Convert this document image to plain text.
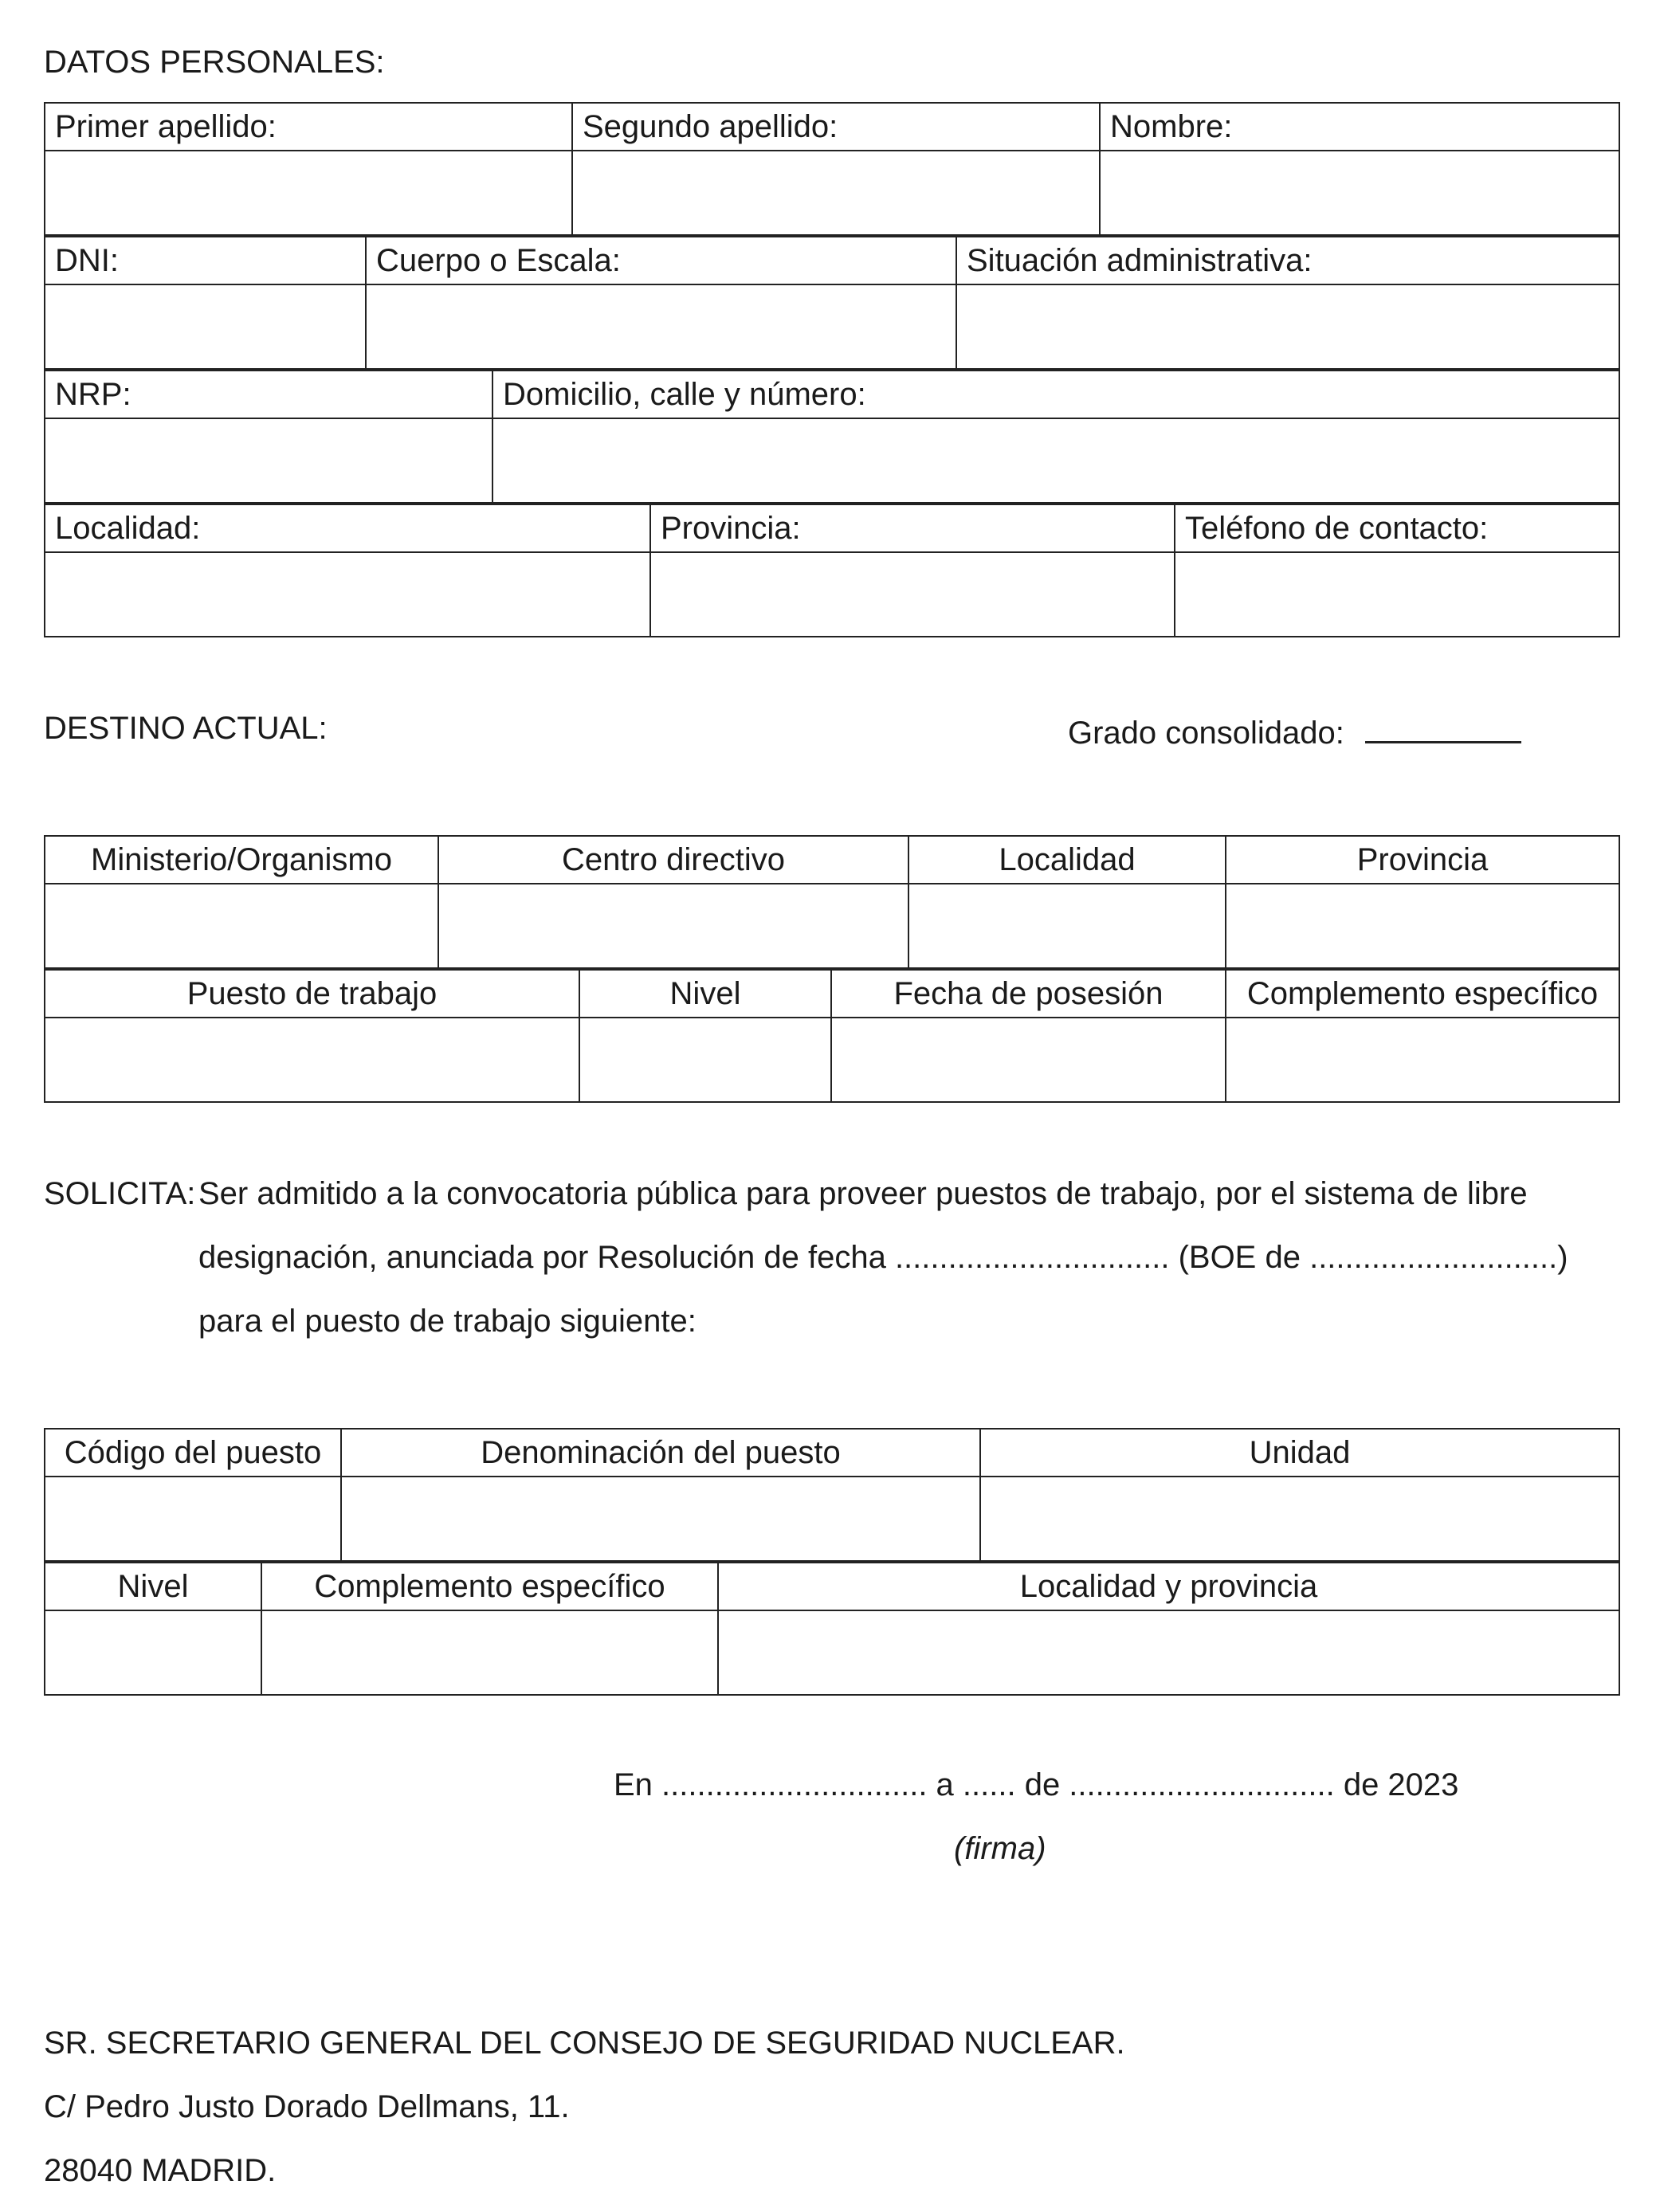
DATOS PERSONALES:
Primer apellido:	Segundo apellido:	Nombre:

DNI:	Cuerpo o Escala:	Situación administrativa:

NRP:	Domicilio, calle y número:

Localidad:	Provincia:	Teléfono de contacto:

DESTINO ACTUAL:	Grado consolidado:
Ministerio/Organismo	Centro directivo	Localidad	Provincia

Puesto de trabajo	Nivel	Fecha de posesión	Complemento específico

SOLICITA: Ser admitido a la convocatoria pública para proveer puestos de trabajo, por el sistema de libre
designación, anunciada por Resolución de fecha ............................... (BOE de ............................)
para el puesto de trabajo siguiente:
Código del puesto	Denominación del puesto	Unidad

Nivel	Complemento específico	Localidad y provincia

En .............................. a ...... de .............................. de 2023
(firma)
SR. SECRETARIO GENERAL DEL CONSEJO DE SEGURIDAD NUCLEAR.
C/ Pedro Justo Dorado Dellmans, 11.
28040 MADRID.
